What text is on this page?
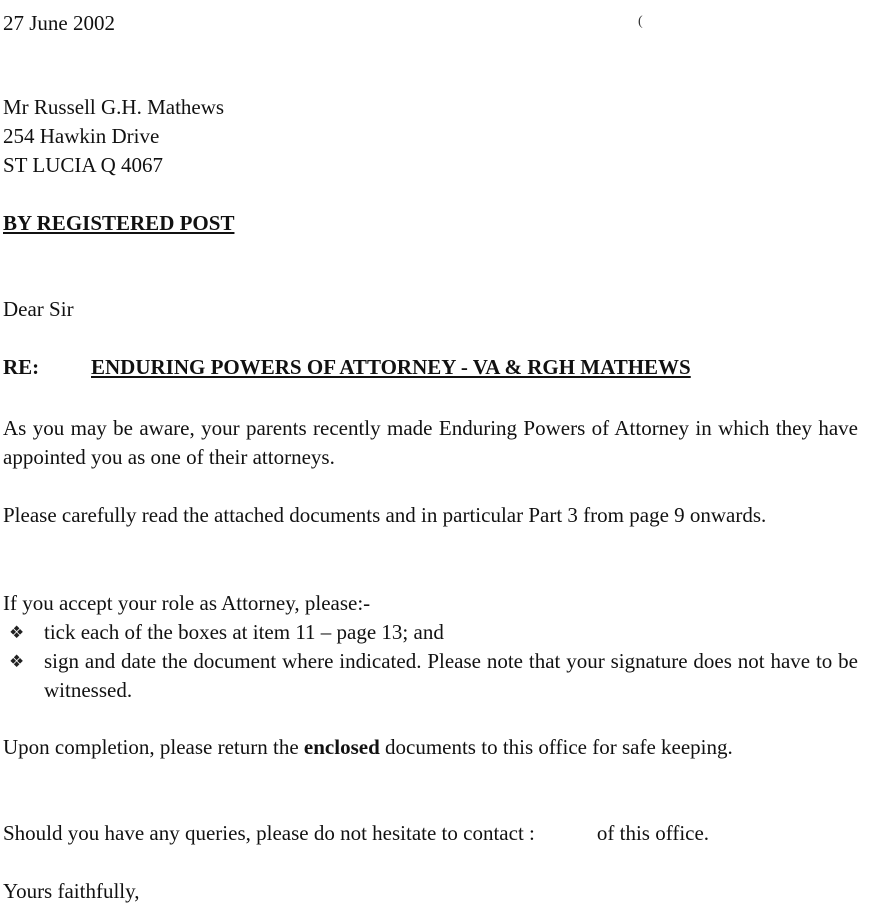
27 June 2002	(
Mr Russell G.H. Mathews
254 Hawkin Drive
ST LUCIA Q 4067
BY REGISTERED POST
Dear Sir
RE: ENDURING POWERS OF ATTORNEY - VA & RGH MATHEWS
As you may be aware, your parents recently made Enduring Powers of Attorney in which they have appointed you as one of their attorneys.
Please carefully read the attached documents and in particular Part 3 from page 9 onwards.
If you accept your role as Attorney, please:-
❖ tick each of the boxes at item 11 – page 13; and
❖ sign and date the document where indicated. Please note that your signature does not have to be witnessed.
Upon completion, please return the enclosed documents to this office for safe keeping.
Should you have any queries, please do not hesitate to contact :	of this office.
Yours faithfully,
